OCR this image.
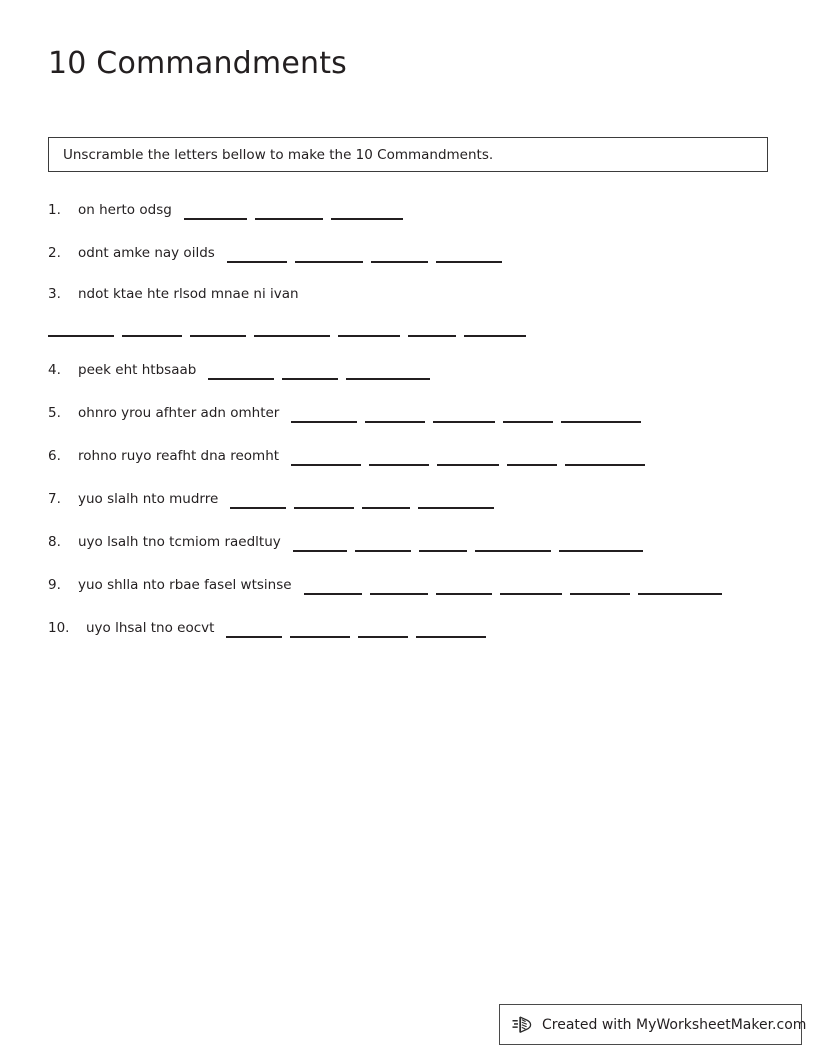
10 Commandments
Unscramble the letters bellow to make the 10 Commandments.
1.	on herto odsg
2.	odnt amke nay oilds
3.	ndot ktae hte rlsod mnae ni ivan
4.	peek eht htbsaab
5.	ohnro yrou afhter adn omhter
6.	rohno ruyo reafht dna reomht
7.	yuo slalh nto mudrre
8.	uyo lsalh tno tcmiom raedltuy
9.	yuo shlla nto rbae fasel wtsinse
10.	uyo lhsal tno eocvt
Created with MyWorksheetMaker.com
